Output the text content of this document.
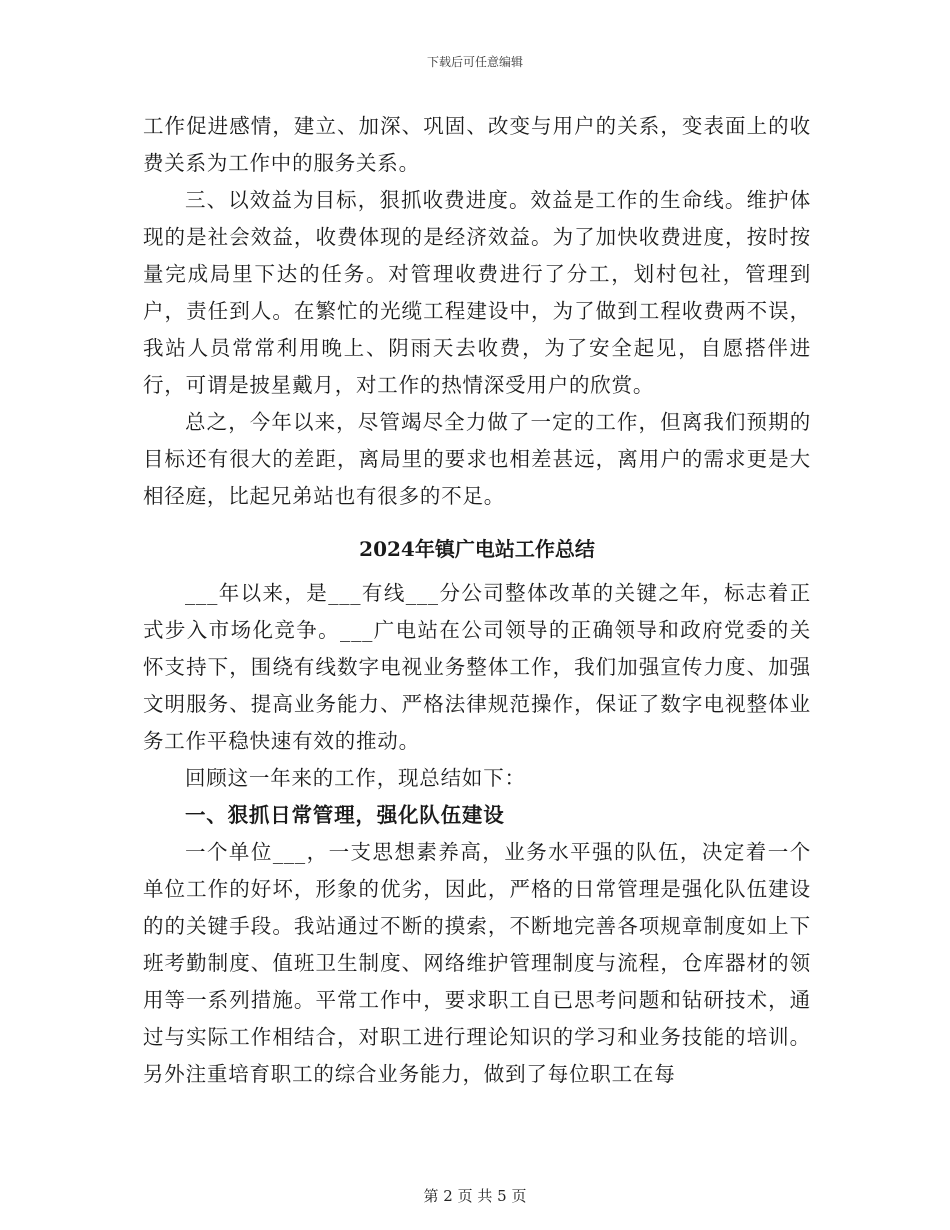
下载后可任意编辑

工作促进感情，建立、加深、巩固、改变与用户的关系，变表面上的收费关系为工作中的服务关系。

三、以效益为目标，狠抓收费进度。效益是工作的生命线。维护体现的是社会效益，收费体现的是经济效益。为了加快收费进度，按时按量完成局里下达的任务。对管理收费进行了分工，划村包社，管理到户，责任到人。在繁忙的光缆工程建设中，为了做到工程收费两不误，我站人员常常利用晚上、阴雨天去收费，为了安全起见，自愿搭伴进行，可谓是披星戴月，对工作的热情深受用户的欣赏。

总之，今年以来，尽管竭尽全力做了一定的工作，但离我们预期的目标还有很大的差距，离局里的要求也相差甚远，离用户的需求更是大相径庭，比起兄弟站也有很多的不足。

2024年镇广电站工作总结

___年以来，是___有线___分公司整体改革的关键之年，标志着正式步入市场化竞争。___广电站在公司领导的正确领导和政府党委的关怀支持下，围绕有线数字电视业务整体工作，我们加强宣传力度、加强文明服务、提高业务能力、严格法律规范操作，保证了数字电视整体业务工作平稳快速有效的推动。

回顾这一年来的工作，现总结如下：

一、狠抓日常管理，强化队伍建设

一个单位___，一支思想素养高，业务水平强的队伍，决定着一个单位工作的好坏，形象的优劣，因此，严格的日常管理是强化队伍建设的的关键手段。我站通过不断的摸索，不断地完善各项规章制度如上下班考勤制度、值班卫生制度、网络维护管理制度与流程，仓库器材的领用等一系列措施。平常工作中，要求职工自已思考问题和钻研技术，通过与实际工作相结合，对职工进行理论知识的学习和业务技能的培训。另外注重培育职工的综合业务能力，做到了每位职工在每

第 2 页 共 5 页
